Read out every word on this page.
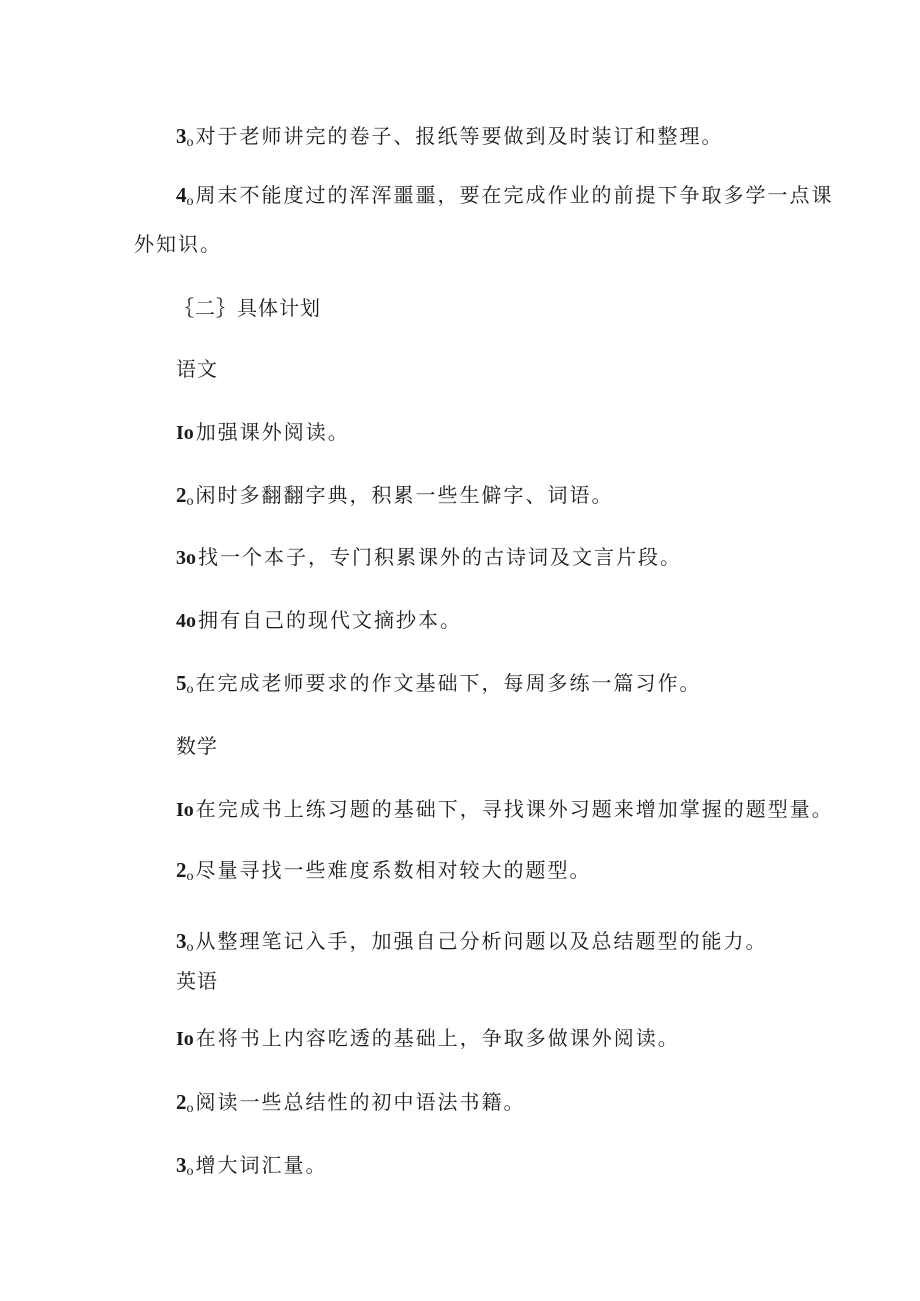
$3_o$ 对于老师讲完的卷子、报纸等要做到及时装订和整理。
$4_o$ 周末不能度过的浑浑噩噩，要在完成作业的前提下争取多学一点课
外知识。
｛二｝具体计划
语文
Io 加强课外阅读。
$2_o$ 闲时多翻翻字典，积累一些生僻字、词语。
3o 找一个本子，专门积累课外的古诗词及文言片段。
4o 拥有自己的现代文摘抄本。
$5_o$ 在完成老师要求的作文基础下，每周多练一篇习作。
数学
Io 在完成书上练习题的基础下，寻找课外习题来增加掌握的题型量。
$2_o$ 尽量寻找一些难度系数相对较大的题型。
$3_o$ 从整理笔记入手，加强自己分析问题以及总结题型的能力。
英语
Io 在将书上内容吃透的基础上，争取多做课外阅读。
$2_o$ 阅读一些总结性的初中语法书籍。
$3_o$ 增大词汇量。
